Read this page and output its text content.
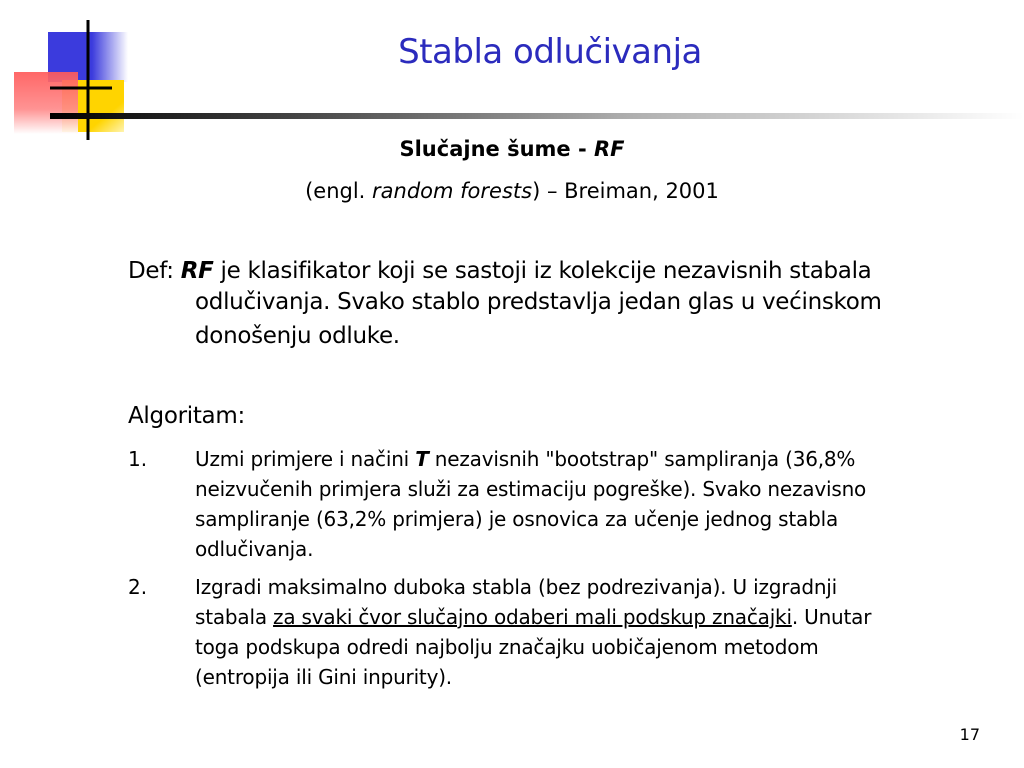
Stabla odlučivanja
Slučajne šume - RF
(engl. random forests) – Breiman, 2001
Def: RF je klasifikator koji se sastoji iz kolekcije nezavisnih stabala
odlučivanja. Svako stablo predstavlja jedan glas u većinskom
donošenju odluke.
Algoritam:
1. Uzmi primjere i načini T nezavisnih "bootstrap" sampliranja (36,8%
neizvučenih primjera služi za estimaciju pogreške). Svako nezavisno
sampliranje (63,2% primjera) je osnovica za učenje jednog stabla
odlučivanja.
2. Izgradi maksimalno duboka stabla (bez podrezivanja). U izgradnji
stabala za svaki čvor slučajno odaberi mali podskup značajki. Unutar
toga podskupa odredi najbolju značajku uobičajenom metodom
(entropija ili Gini inpurity).
17
